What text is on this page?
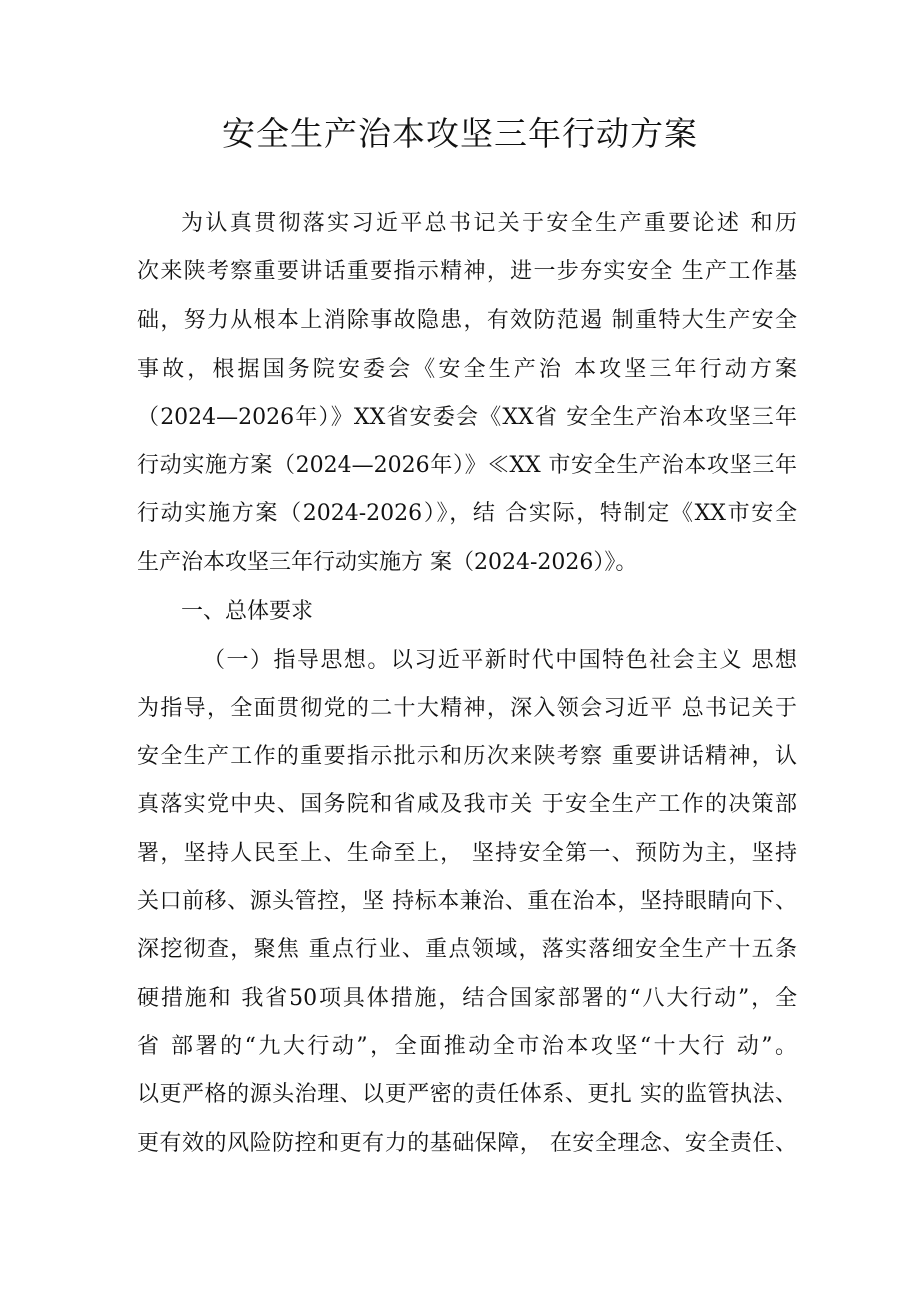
安全生产治本攻坚三年行动方案
为认真贯彻落实习近平总书记关于安全生产重要论述 和历
次来陕考察重要讲话重要指示精神，进一步夯实安全 生产工作基
础，努力从根本上消除事故隐患，有效防范遏 制重特大生产安全
事故，根据国务院安委会《安全生产治 本攻坚三年行动方案
（2024—2026年）》XX省安委会《XX省 安全生产治本攻坚三年
行动实施方案（2024—2026年）》≪XX 市安全生产治本攻坚三年
行动实施方案（2024-2026）》，结 合实际，特制定《XX市安全
生产治本攻坚三年行动实施方 案（2024-2026）》。
一、总体要求
（一）指导思想。以习近平新时代中国特色社会主义 思想
为指导，全面贯彻党的二十大精神，深入领会习近平 总书记关于
安全生产工作的重要指示批示和历次来陕考察 重要讲话精神，认
真落实党中央、国务院和省咸及我市关 于安全生产工作的决策部
署，坚持人民至上、生命至上， 坚持安全第一、预防为主，坚持
关口前移、源头管控，坚 持标本兼治、重在治本，坚持眼睛向下、
深挖彻查，聚焦 重点行业、重点领域，落实落细安全生产十五条
硬措施和 我省50项具体措施，结合国家部署的“八大行动”，全
省 部署的“九大行动”，全面推动全市治本攻坚“十大行 动”。
以更严格的源头治理、以更严密的责任体系、更扎 实的监管执法、
更有效的风险防控和更有力的基础保障， 在安全理念、安全责任、
